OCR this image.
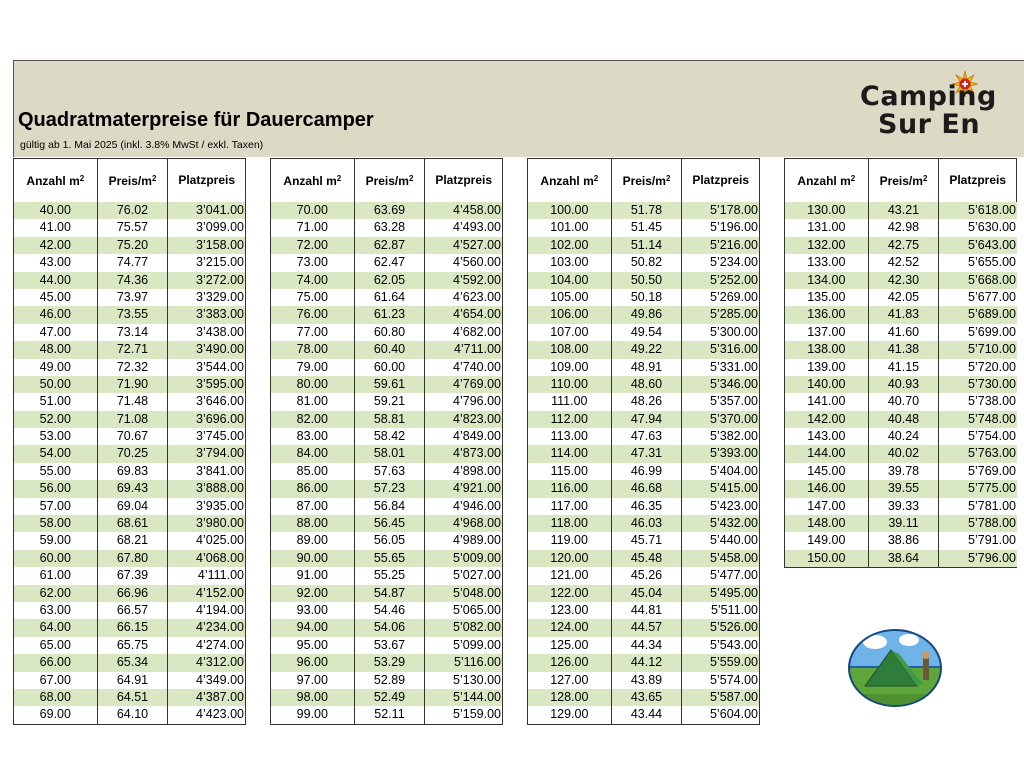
Quadratmaterpreise für Dauercamper
gültig ab 1. Mai 2025 (inkl. 3.8% MwSt / exkl. Taxen)
Camping
Sur En
Anzahl $m^2$ Preis/$m^2$ Platzpreis
40.00	76.02	3’041.00
41.00	75.57	3’099.00
42.00	75.20	3’158.00
43.00	74.77	3’215.00
44.00	74.36	3’272.00
45.00	73.97	3’329.00
46.00	73.55	3’383.00
47.00	73.14	3’438.00
48.00	72.71	3’490.00
49.00	72.32	3’544.00
50.00	71.90	3’595.00
51.00	71.48	3’646.00
52.00	71.08	3’696.00
53.00	70.67	3’745.00
54.00	70.25	3’794.00
55.00	69.83	3’841.00
56.00	69.43	3’888.00
57.00	69.04	3’935.00
58.00	68.61	3’980.00
59.00	68.21	4’025.00
60.00	67.80	4’068.00
61.00	67.39	4’111.00
62.00	66.96	4’152.00
63.00	66.57	4’194.00
64.00	66.15	4’234.00
65.00	65.75	4’274.00
66.00	65.34	4’312.00
67.00	64.91	4’349.00
68.00	64.51	4’387.00
69.00	64.10	4’423.00
Anzahl $m^2$ Preis/$m^2$ Platzpreis
70.00	63.69	4’458.00
71.00	63.28	4’493.00
72.00	62.87	4’527.00
73.00	62.47	4’560.00
74.00	62.05	4’592.00
75.00	61.64	4’623.00
76.00	61.23	4’654.00
77.00	60.80	4’682.00
78.00	60.40	4’711.00
79.00	60.00	4’740.00
80.00	59.61	4’769.00
81.00	59.21	4’796.00
82.00	58.81	4’823.00
83.00	58.42	4’849.00
84.00	58.01	4’873.00
85.00	57.63	4’898.00
86.00	57.23	4’921.00
87.00	56.84	4’946.00
88.00	56.45	4’968.00
89.00	56.05	4’989.00
90.00	55.65	5’009.00
91.00	55.25	5’027.00
92.00	54.87	5’048.00
93.00	54.46	5’065.00
94.00	54.06	5’082.00
95.00	53.67	5’099.00
96.00	53.29	5’116.00
97.00	52.89	5’130.00
98.00	52.49	5’144.00
99.00	52.11	5’159.00
Anzahl $m^2$ Preis/$m^2$ Platzpreis
100.00	51.78	5’178.00
101.00	51.45	5’196.00
102.00	51.14	5’216.00
103.00	50.82	5’234.00
104.00	50.50	5’252.00
105.00	50.18	5’269.00
106.00	49.86	5’285.00
107.00	49.54	5’300.00
108.00	49.22	5’316.00
109.00	48.91	5’331.00
110.00	48.60	5’346.00
111.00	48.26	5’357.00
112.00	47.94	5’370.00
113.00	47.63	5’382.00
114.00	47.31	5’393.00
115.00	46.99	5’404.00
116.00	46.68	5’415.00
117.00	46.35	5’423.00
118.00	46.03	5’432.00
119.00	45.71	5’440.00
120.00	45.48	5’458.00
121.00	45.26	5’477.00
122.00	45.04	5’495.00
123.00	44.81	5’511.00
124.00	44.57	5’526.00
125.00	44.34	5’543.00
126.00	44.12	5’559.00
127.00	43.89	5’574.00
128.00	43.65	5’587.00
129.00	43.44	5’604.00
Anzahl $m^2$ Preis/$m^2$ Platzpreis
130.00	43.21	5’618.00
131.00	42.98	5’630.00
132.00	42.75	5’643.00
133.00	42.52	5’655.00
134.00	42.30	5’668.00
135.00	42.05	5’677.00
136.00	41.83	5’689.00
137.00	41.60	5’699.00
138.00	41.38	5’710.00
139.00	41.15	5’720.00
140.00	40.93	5’730.00
141.00	40.70	5’738.00
142.00	40.48	5’748.00
143.00	40.24	5’754.00
144.00	40.02	5’763.00
145.00	39.78	5’769.00
146.00	39.55	5’775.00
147.00	39.33	5’781.00
148.00	39.11	5’788.00
149.00	38.86	5’791.00
150.00	38.64	5’796.00
